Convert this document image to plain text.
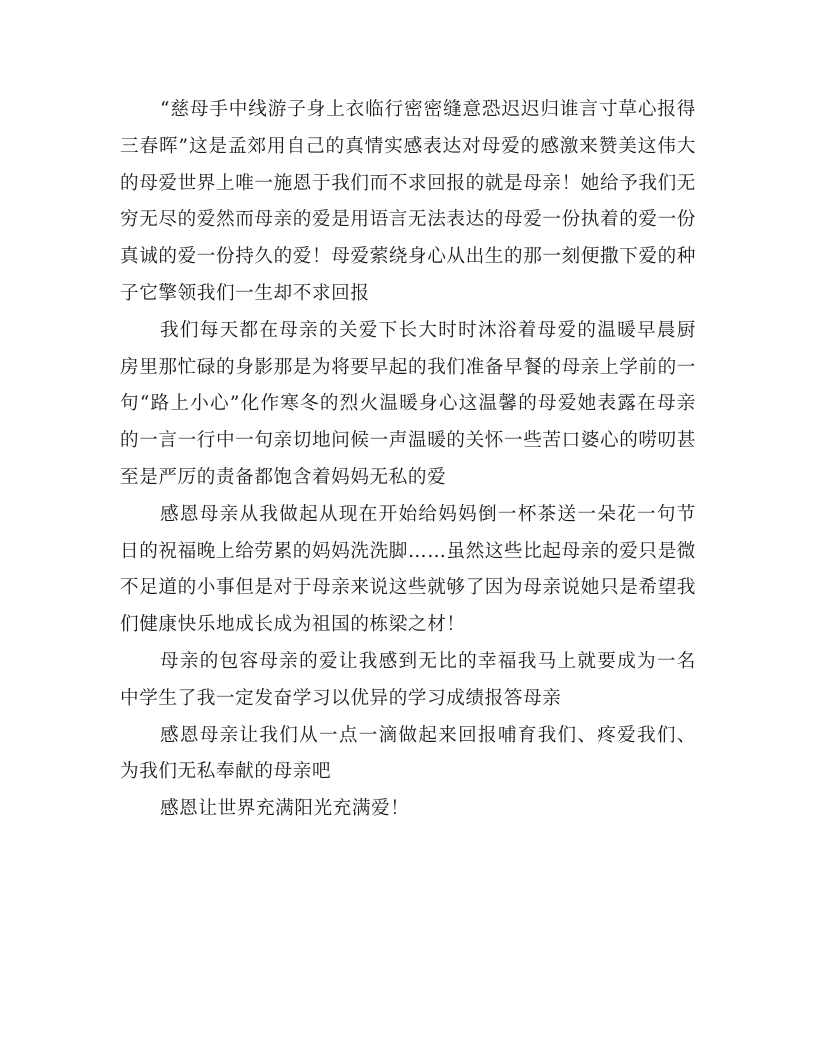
“慈母手中线游子身上衣临行密密缝意恐迟迟归谁言寸草心报得三春晖”这是孟郊用自己的真情实感表达对母爱的感激来赞美这伟大的母爱世界上唯一施恩于我们而不求回报的就是母亲！她给予我们无穷无尽的爱然而母亲的爱是用语言无法表达的母爱一份执着的爱一份真诚的爱一份持久的爱！母爱萦绕身心从出生的那一刻便撒下爱的种子它擎领我们一生却不求回报

我们每天都在母亲的关爱下长大时时沐浴着母爱的温暖早晨厨房里那忙碌的身影那是为将要早起的我们准备早餐的母亲上学前的一句“路上小心”化作寒冬的烈火温暖身心这温馨的母爱她表露在母亲的一言一行中一句亲切地问候一声温暖的关怀一些苦口婆心的唠叨甚至是严厉的责备都饱含着妈妈无私的爱

感恩母亲从我做起从现在开始给妈妈倒一杯茶送一朵花一句节日的祝福晚上给劳累的妈妈洗洗脚……虽然这些比起母亲的爱只是微不足道的小事但是对于母亲来说这些就够了因为母亲说她只是希望我们健康快乐地成长成为祖国的栋梁之材！

母亲的包容母亲的爱让我感到无比的幸福我马上就要成为一名中学生了我一定发奋学习以优异的学习成绩报答母亲

感恩母亲让我们从一点一滴做起来回报哺育我们、疼爱我们、为我们无私奉献的母亲吧

感恩让世界充满阳光充满爱！
